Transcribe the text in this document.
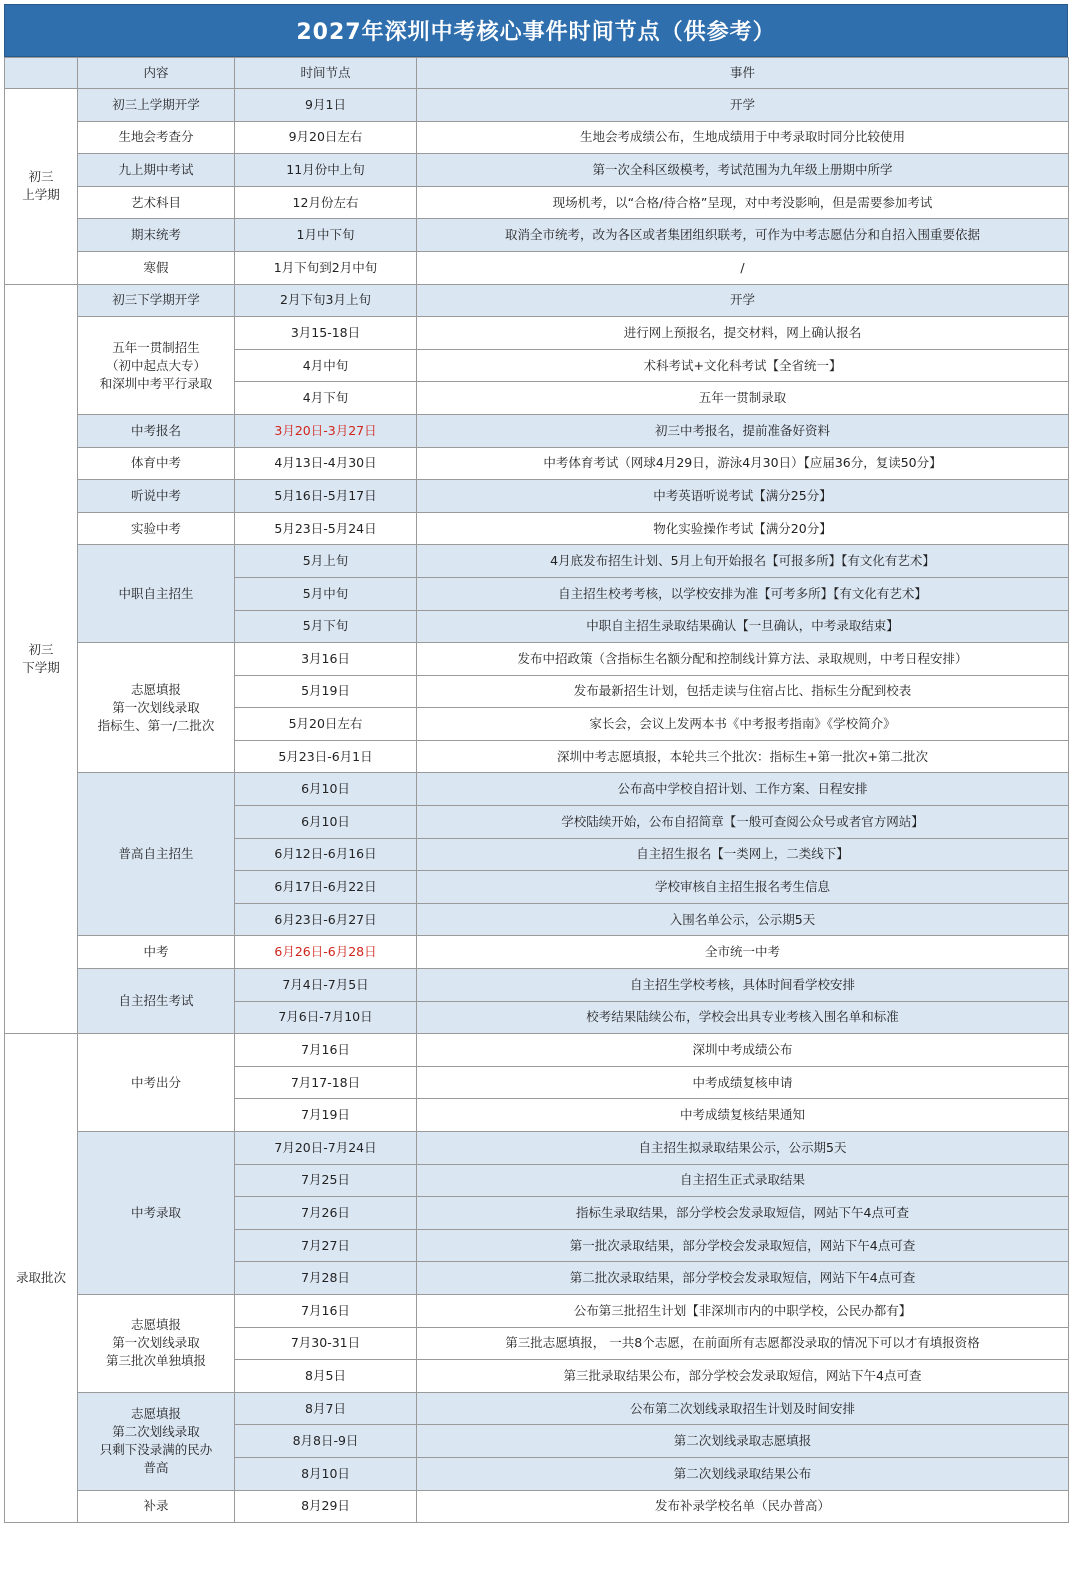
2027年深圳中考核心事件时间节点（供参考）
	内容	时间节点	事件
初三
上学期	初三上学期开学	9月1日	开学
	生地会考查分	9月20日左右	生地会考成绩公布，生地成绩用于中考录取时同分比较使用
	九上期中考试	11月份中上旬	第一次全科区级模考，考试范围为九年级上册期中所学
	艺术科目	12月份左右	现场机考，以“合格/待合格”呈现，对中考没影响，但是需要参加考试
	期末统考	1月中下旬	取消全市统考，改为各区或者集团组织联考，可作为中考志愿估分和自招入围重要依据
	寒假	1月下旬到2月中旬	/
初三
下学期	初三下学期开学	2月下旬3月上旬	开学
	五年一贯制招生
（初中起点大专）
和深圳中考平行录取	3月15-18日	进行网上预报名，提交材料，网上确认报名
		4月中旬	术科考试+文化科考试【全省统一】
		4月下旬	五年一贯制录取
	中考报名	3月20日-3月27日	初三中考报名，提前准备好资料
	体育中考	4月13日-4月30日	中考体育考试（网球4月29日，游泳4月30日）【应届36分，复读50分】
	听说中考	5月16日-5月17日	中考英语听说考试【满分25分】
	实验中考	5月23日-5月24日	物化实验操作考试【满分20分】
	中职自主招生	5月上旬	4月底发布招生计划、5月上旬开始报名【可报多所】【有文化有艺术】
		5月中旬	自主招生校考考核，以学校安排为准【可考多所】【有文化有艺术】
		5月下旬	中职自主招生录取结果确认【一旦确认，中考录取结束】
	志愿填报
第一次划线录取
指标生、第一/二批次	3月16日	发布中招政策（含指标生名额分配和控制线计算方法、录取规则，中考日程安排）
		5月19日	发布最新招生计划，包括走读与住宿占比、指标生分配到校表
		5月20日左右	家长会，会议上发两本书《中考报考指南》《学校简介》
		5月23日-6月1日	深圳中考志愿填报，本轮共三个批次：指标生+第一批次+第二批次
	普高自主招生	6月10日	公布高中学校自招计划、工作方案、日程安排
		6月10日	学校陆续开始，公布自招简章【一般可查阅公众号或者官方网站】
		6月12日-6月16日	自主招生报名【一类网上，二类线下】
		6月17日-6月22日	学校审核自主招生报名考生信息
		6月23日-6月27日	入围名单公示，公示期5天
	中考	6月26日-6月28日	全市统一中考
	自主招生考试	7月4日-7月5日	自主招生学校考核，具体时间看学校安排
		7月6日-7月10日	校考结果陆续公布，学校会出具专业考核入围名单和标准
录取批次	中考出分	7月16日	深圳中考成绩公布
		7月17-18日	中考成绩复核申请
		7月19日	中考成绩复核结果通知
	中考录取	7月20日-7月24日	自主招生拟录取结果公示，公示期5天
		7月25日	自主招生正式录取结果
		7月26日	指标生录取结果，部分学校会发录取短信，网站下午4点可查
		7月27日	第一批次录取结果，部分学校会发录取短信，网站下午4点可查
		7月28日	第二批次录取结果，部分学校会发录取短信，网站下午4点可查
	志愿填报
第一次划线录取
第三批次单独填报	7月16日	公布第三批招生计划【非深圳市内的中职学校，公民办都有】
		7月30-31日	第三批志愿填报， 一共8个志愿，在前面所有志愿都没录取的情况下可以才有填报资格
		8月5日	第三批录取结果公布，部分学校会发录取短信，网站下午4点可查
	志愿填报
第二次划线录取
只剩下没录满的民办
普高	8月7日	公布第二次划线录取招生计划及时间安排
		8月8日-9日	第二次划线录取志愿填报
		8月10日	第二次划线录取结果公布
	补录	8月29日	发布补录学校名单（民办普高）
